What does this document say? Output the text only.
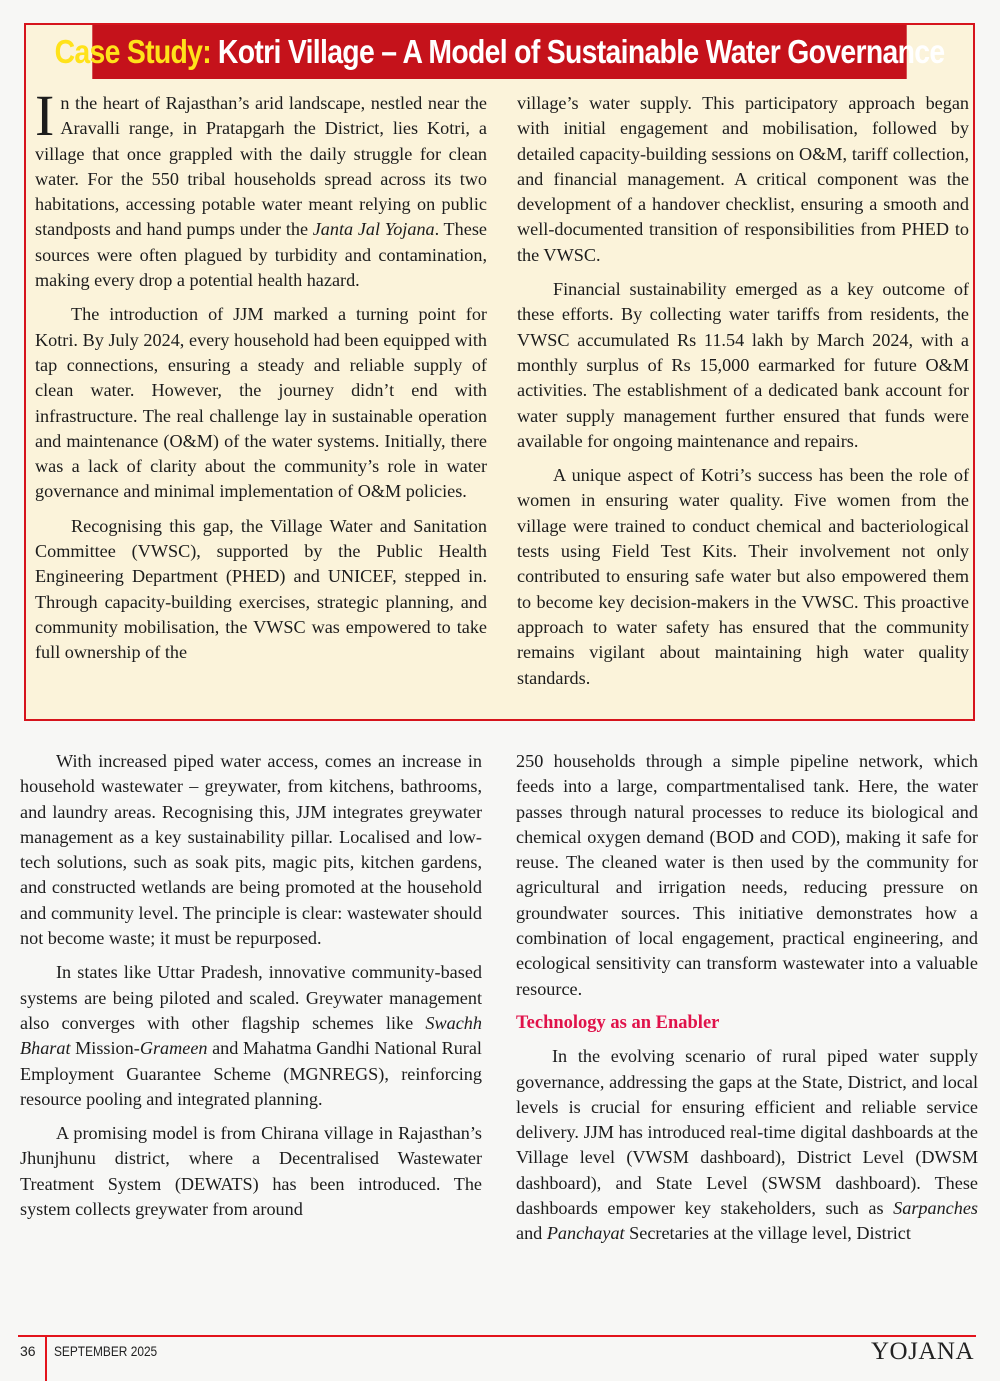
Case Study: Kotri Village – A Model of Sustainable Water Governance

In the heart of Rajasthan’s arid landscape, nestled near the Aravalli range, in Pratapgarh the District, lies Kotri, a village that once grappled with the daily struggle for clean water. For the 550 tribal households spread across its two habitations, accessing potable water meant relying on public standposts and hand pumps under the Janta Jal Yojana. These sources were often plagued by turbidity and contamination, making every drop a potential health hazard.

The introduction of JJM marked a turning point for Kotri. By July 2024, every household had been equipped with tap connections, ensuring a steady and reliable supply of clean water. However, the journey didn’t end with infrastructure. The real challenge lay in sustainable operation and maintenance (O&M) of the water systems. Initially, there was a lack of clarity about the community’s role in water governance and minimal implementation of O&M policies.

Recognising this gap, the Village Water and Sanitation Committee (VWSC), supported by the Public Health Engineering Department (PHED) and UNICEF, stepped in. Through capacity-building exercises, strategic planning, and community mobilisation, the VWSC was empowered to take full ownership of the

village’s water supply. This participatory approach began with initial engagement and mobilisation, followed by detailed capacity-building sessions on O&M, tariff collection, and financial management. A critical component was the development of a handover checklist, ensuring a smooth and well-documented transition of responsibilities from PHED to the VWSC.

Financial sustainability emerged as a key outcome of these efforts. By collecting water tariffs from residents, the VWSC accumulated Rs 11.54 lakh by March 2024, with a monthly surplus of Rs 15,000 earmarked for future O&M activities. The establishment of a dedicated bank account for water supply management further ensured that funds were available for ongoing maintenance and repairs.

A unique aspect of Kotri’s success has been the role of women in ensuring water quality. Five women from the village were trained to conduct chemical and bacteriological tests using Field Test Kits. Their involvement not only contributed to ensuring safe water but also empowered them to become key decision-makers in the VWSC. This proactive approach to water safety has ensured that the community remains vigilant about maintaining high water quality standards.

With increased piped water access, comes an increase in household wastewater – greywater, from kitchens, bathrooms, and laundry areas. Recognising this, JJM integrates greywater management as a key sustainability pillar. Localised and low-tech solutions, such as soak pits, magic pits, kitchen gardens, and constructed wetlands are being promoted at the household and community level. The principle is clear: wastewater should not become waste; it must be repurposed.

In states like Uttar Pradesh, innovative community-based systems are being piloted and scaled. Greywater management also converges with other flagship schemes like Swachh Bharat Mission-Grameen and Mahatma Gandhi National Rural Employment Guarantee Scheme (MGNREGS), reinforcing resource pooling and integrated planning.

A promising model is from Chirana village in Rajasthan’s Jhunjhunu district, where a Decentralised Wastewater Treatment System (DEWATS) has been introduced. The system collects greywater from around

250 households through a simple pipeline network, which feeds into a large, compartmentalised tank. Here, the water passes through natural processes to reduce its biological and chemical oxygen demand (BOD and COD), making it safe for reuse. The cleaned water is then used by the community for agricultural and irrigation needs, reducing pressure on groundwater sources. This initiative demonstrates how a combination of local engagement, practical engineering, and ecological sensitivity can transform wastewater into a valuable resource.

Technology as an Enabler

In the evolving scenario of rural piped water supply governance, addressing the gaps at the State, District, and local levels is crucial for ensuring efficient and reliable service delivery. JJM has introduced real-time digital dashboards at the Village level (VWSM dashboard), District Level (DWSM dashboard), and State Level (SWSM dashboard). These dashboards empower key stakeholders, such as Sarpanches and Panchayat Secretaries at the village level, District

36 SEPTEMBER 2025	YOJANA
